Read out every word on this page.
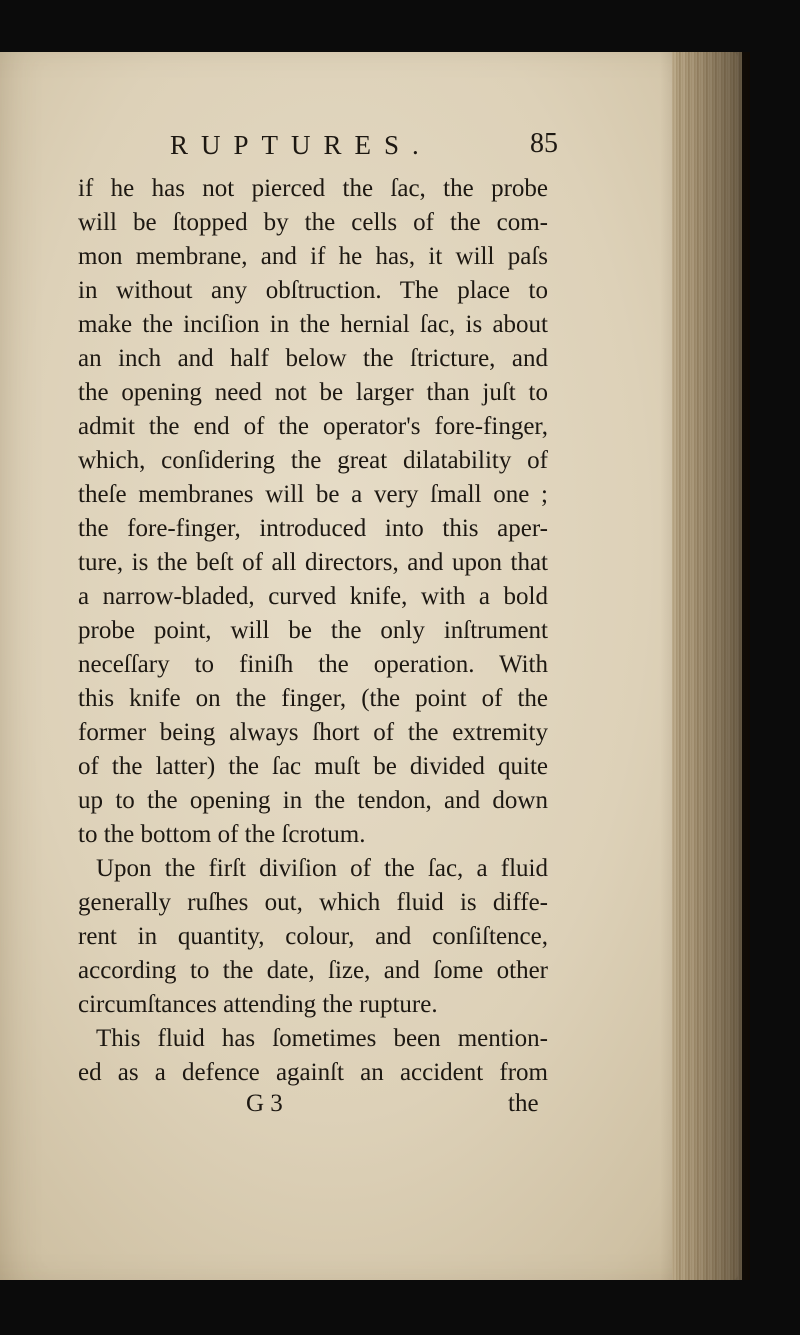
RUPTURES.	85
if he has not pierced the ſac, the probe
will be ſtopped by the cells of the com-
mon membrane, and if he has, it will paſs
in without any obſtruction. The place to
make the inciſion in the hernial ſac, is about
an inch and half below the ſtricture, and
the opening need not be larger than juſt to
admit the end of the operator's fore-finger,
which, conſidering the great dilatability of
theſe membranes will be a very ſmall one ;
the fore-finger, introduced into this aper-
ture, is the beſt of all directors, and upon that
a narrow-bladed, curved knife, with a bold
probe point, will be the only inſtrument
neceſſary to finiſh the operation. With
this knife on the finger, (the point of the
former being always ſhort of the extremity
of the latter) the ſac muſt be divided quite
up to the opening in the tendon, and down
to the bottom of the ſcrotum.
Upon the firſt diviſion of the ſac, a fluid
generally ruſhes out, which fluid is diffe-
rent in quantity, colour, and conſiſtence,
according to the date, ſize, and ſome other
circumſtances attending the rupture.
This fluid has ſometimes been mention-
ed as a defence againſt an accident from
G 3	the
